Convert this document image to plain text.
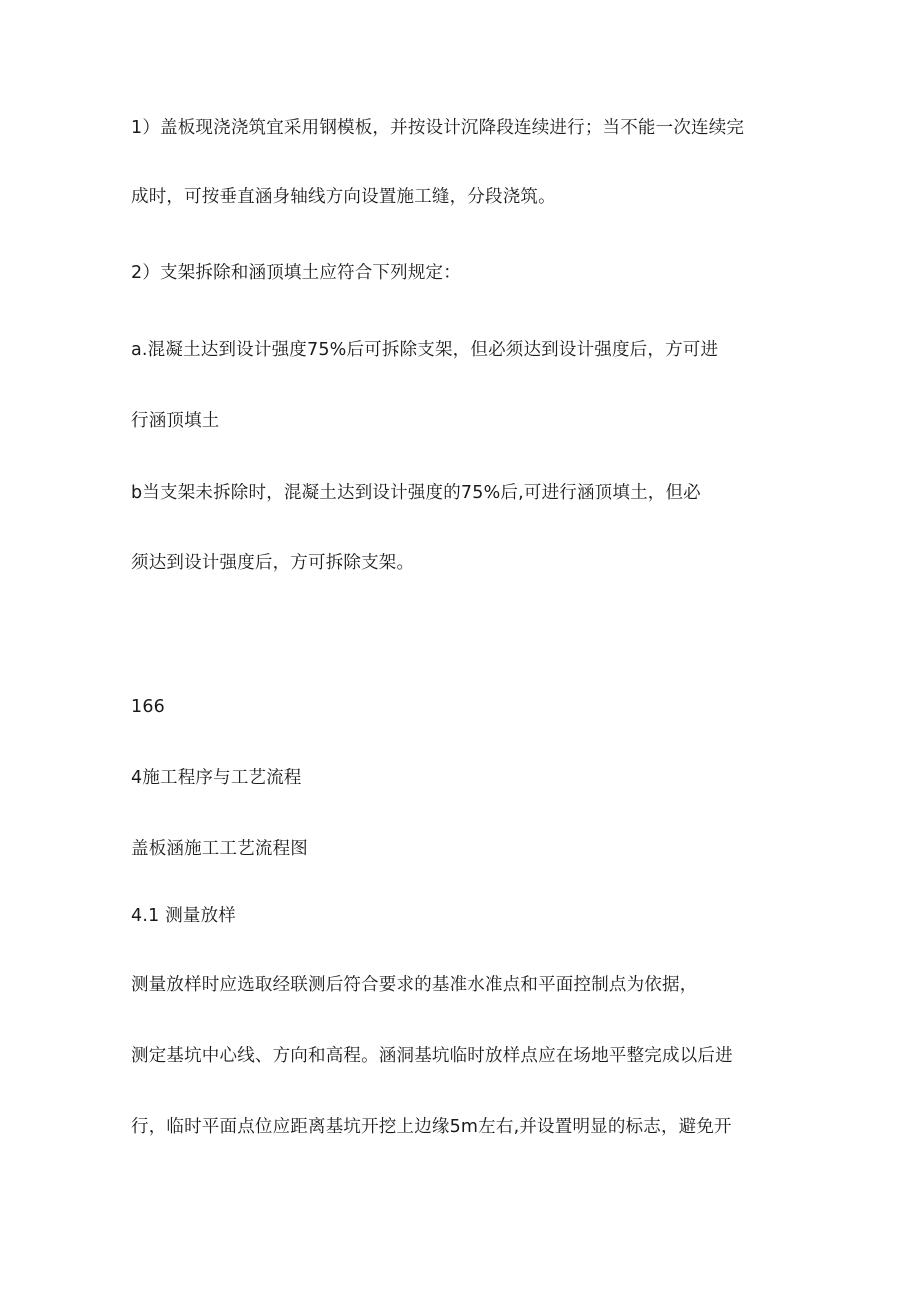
1）盖板现浇浇筑宜采用钢模板，并按设计沉降段连续进行；当不能一次连续完
成时，可按垂直涵身轴线方向设置施工缝，分段浇筑。
2）支架拆除和涵顶填土应符合下列规定：
a.混凝土达到设计强度75%后可拆除支架，但必须达到设计强度后，方可进
行涵顶填土
b当支架未拆除时，混凝土达到设计强度的75%后,可进行涵顶填土，但必
须达到设计强度后，方可拆除支架。
166
4施工程序与工艺流程
盖板涵施工工艺流程图
4.1 测量放样
测量放样时应选取经联测后符合要求的基准水准点和平面控制点为依据，
测定基坑中心线、方向和高程。涵洞基坑临时放样点应在场地平整完成以后进
行，临时平面点位应距离基坑开挖上边缘5m左右,并设置明显的标志，避免开
